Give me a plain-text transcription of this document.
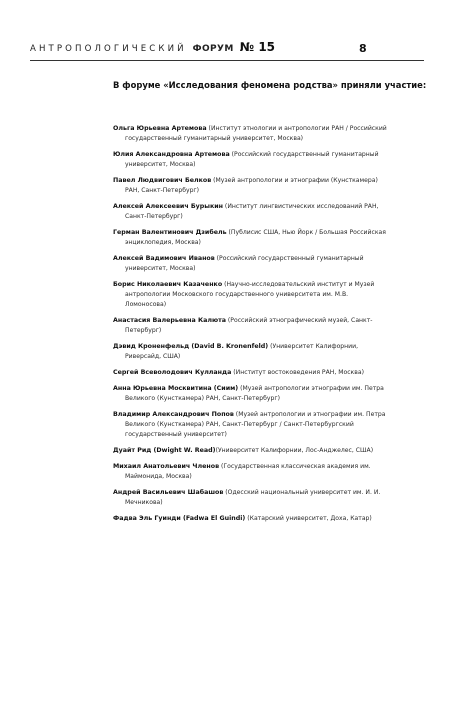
АНТРОПОЛОГИЧЕСКИЙ ФОРУМ № 15	8
В форуме «Исследования феномена родства» приняли участие:
Ольга Юрьевна Артемова (Институт этнологии и антропологии РАН / Российский государственный гуманитарный университет, Москва)
Юлия Александровна Артемова (Российский государственный гуманитарный университет, Москва)
Павел Людвигович Белков (Музей антропологии и этнографии (Кунсткамера) РАН, Санкт-Петербург)
Алексей Алексеевич Бурыкин (Институт лингвистических исследований РАН, Санкт-Петербург)
Герман Валентинович Дзибель (Публисис США, Нью Йорк / Большая Российская энциклопедия, Москва)
Алексей Вадимович Иванов (Российский государственный гуманитарный университет, Москва)
Борис Николаевич Казаченко (Научно-исследовательский институт и Музей антропологии Московского государственного университета им. М.В. Ломоносова)
Анастасия Валерьевна Калюта (Российский этнографический музей, Санкт-Петербург)
Дэвид Кроненфельд (David B. Kronenfeld) (Университет Калифорнии, Риверсайд, США)
Сергей Всеволодович Кулланда (Институт востоковедения РАН, Москва)
Анна Юрьевна Москвитина (Сиим) (Музей антропологии этнографии им. Петра Великого (Кунсткамера) РАН, Санкт-Петербург)
Владимир Александрович Попов (Музей антропологии и этнографии им. Петра Великого (Кунсткамера) РАН, Санкт-Петербург / Санкт-Петербургский государственный университет)
Дуайт Рид (Dwight W. Read)(Университет Калифорнии, Лос-Анджелес, США)
Михаил Анатольевич Членов (Государственная классическая академия им. Маймонида, Москва)
Андрей Васильевич Шабашов (Одесский национальный университет им. И. И. Мечникова)
Фадва Эль Гуинди (Fadwa El Guindi) (Катарский университет, Доха, Катар)
